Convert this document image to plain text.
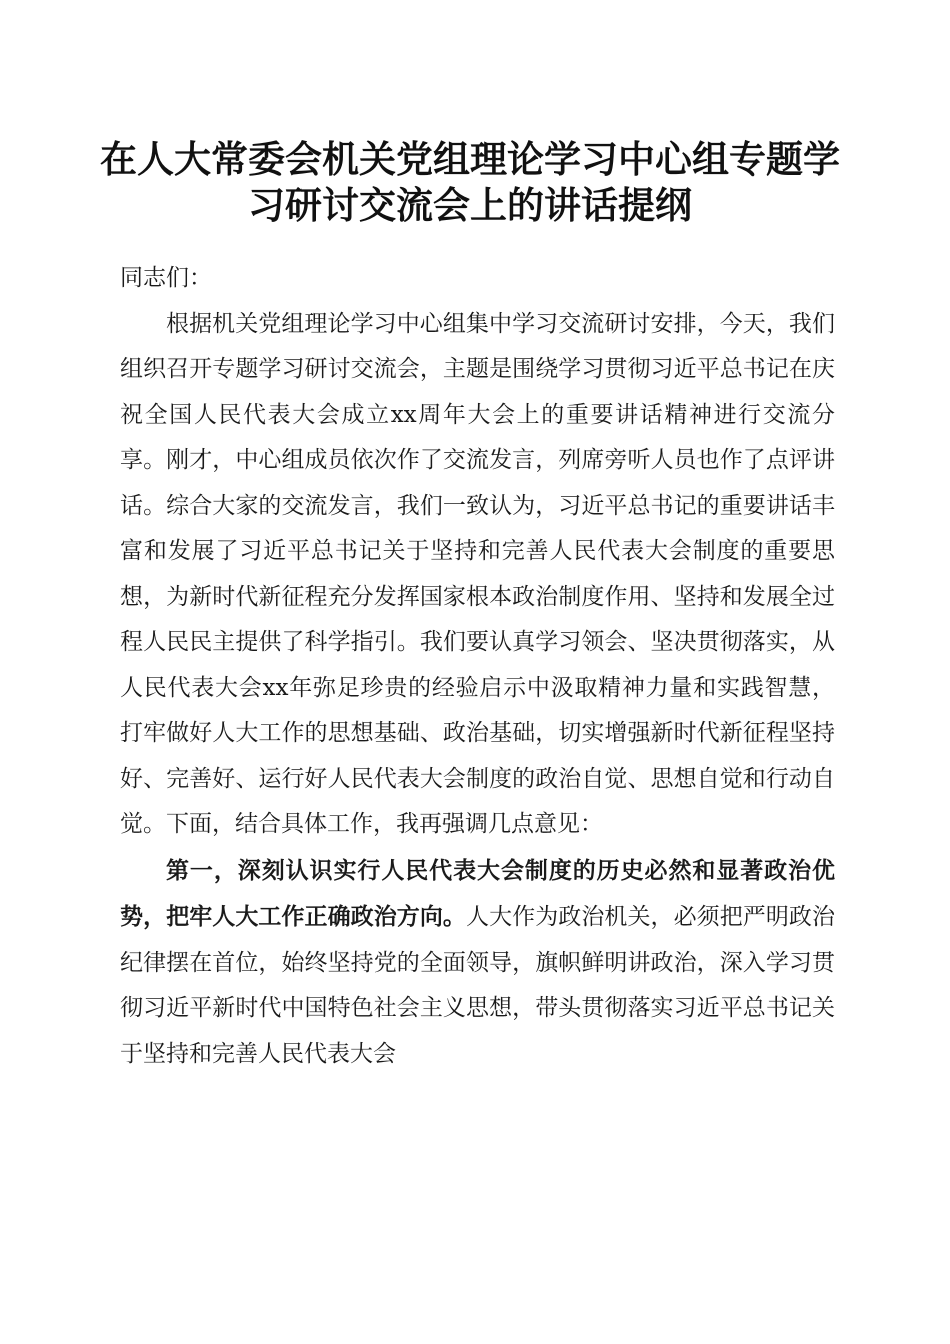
在人大常委会机关党组理论学习中心组专题学
习研讨交流会上的讲话提纲

同志们：

根据机关党组理论学习中心组集中学习交流研讨安排，今天，我们组织召开专题学习研讨交流会，主题是围绕学习贯彻习近平总书记在庆祝全国人民代表大会成立xx周年大会上的重要讲话精神进行交流分享。刚才，中心组成员依次作了交流发言，列席旁听人员也作了点评讲话。综合大家的交流发言，我们一致认为，习近平总书记的重要讲话丰富和发展了习近平总书记关于坚持和完善人民代表大会制度的重要思想，为新时代新征程充分发挥国家根本政治制度作用、坚持和发展全过程人民民主提供了科学指引。我们要认真学习领会、坚决贯彻落实，从人民代表大会xx年弥足珍贵的经验启示中汲取精神力量和实践智慧，打牢做好人大工作的思想基础、政治基础，切实增强新时代新征程坚持好、完善好、运行好人民代表大会制度的政治自觉、思想自觉和行动自觉。下面，结合具体工作，我再强调几点意见：

第一，深刻认识实行人民代表大会制度的历史必然和显著政治优势，把牢人大工作正确政治方向。人大作为政治机关，必须把严明政治纪律摆在首位，始终坚持党的全面领导，旗帜鲜明讲政治，深入学习贯彻习近平新时代中国特色社会主义思想，带头贯彻落实习近平总书记关于坚持和完善人民代表大会
